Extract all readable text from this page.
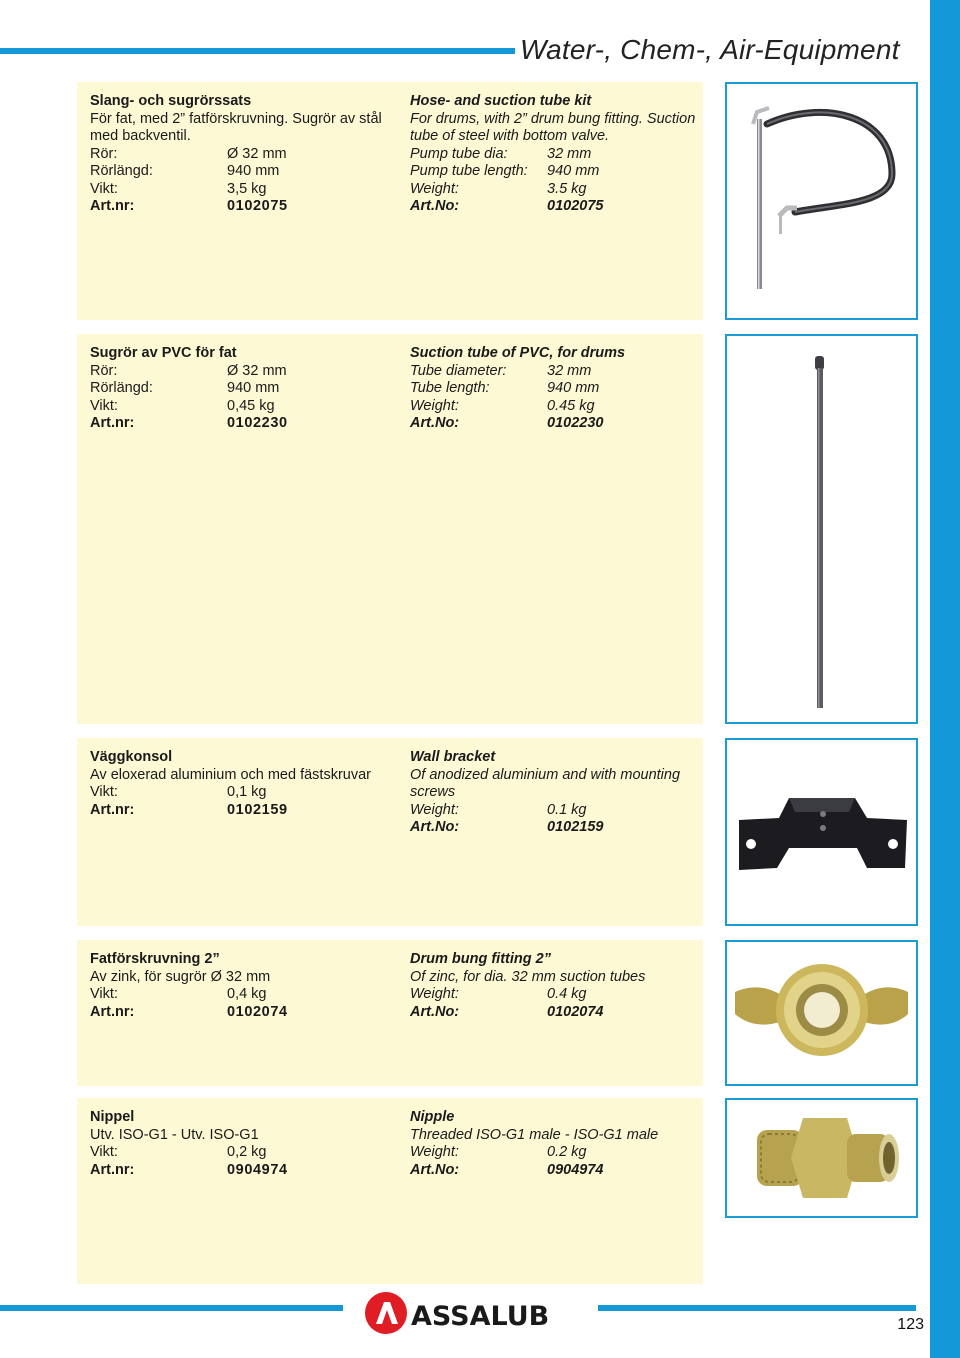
Water-, Chem-, Air-Equipment
Slang- och sugrörssats
För fat, med 2” fatförskruvning. Sugrör av stål med backventil.
Rör:	Ø 32 mm
Rörlängd:	940 mm
Vikt:	3,5 kg
Art.nr:	0102075
Hose- and suction tube kit
For drums, with 2” drum bung fitting. Suction tube of steel with bottom valve.
Pump tube dia:	32 mm
Pump tube length:	940 mm
Weight:	3.5 kg
Art.No:	0102075
Sugrör av PVC för fat
Rör:	Ø 32 mm
Rörlängd:	940 mm
Vikt:	0,45 kg
Art.nr:	0102230
Suction tube of PVC, for drums
Tube diameter:	32 mm
Tube length:	940 mm
Weight:	0.45 kg
Art.No:	0102230
Väggkonsol
Av eloxerad aluminium och med fästskruvar
Vikt:	0,1 kg
Art.nr:	0102159
Wall bracket
Of anodized aluminium and with mounting screws
Weight:	0.1 kg
Art.No:	0102159
Fatförskruvning 2”
Av zink, för sugrör Ø 32 mm
Vikt:	0,4 kg
Art.nr:	0102074
Drum bung fitting 2”
Of zinc, for dia. 32 mm suction tubes
Weight:	0.4 kg
Art.No:	0102074
Nippel
Utv. ISO-G1 - Utv. ISO-G1
Vikt:	0,2 kg
Art.nr:	0904974
Nipple
Threaded ISO-G1 male - ISO-G1 male
Weight:	0.2 kg
Art.No:	0904974
ASSALUB	123
